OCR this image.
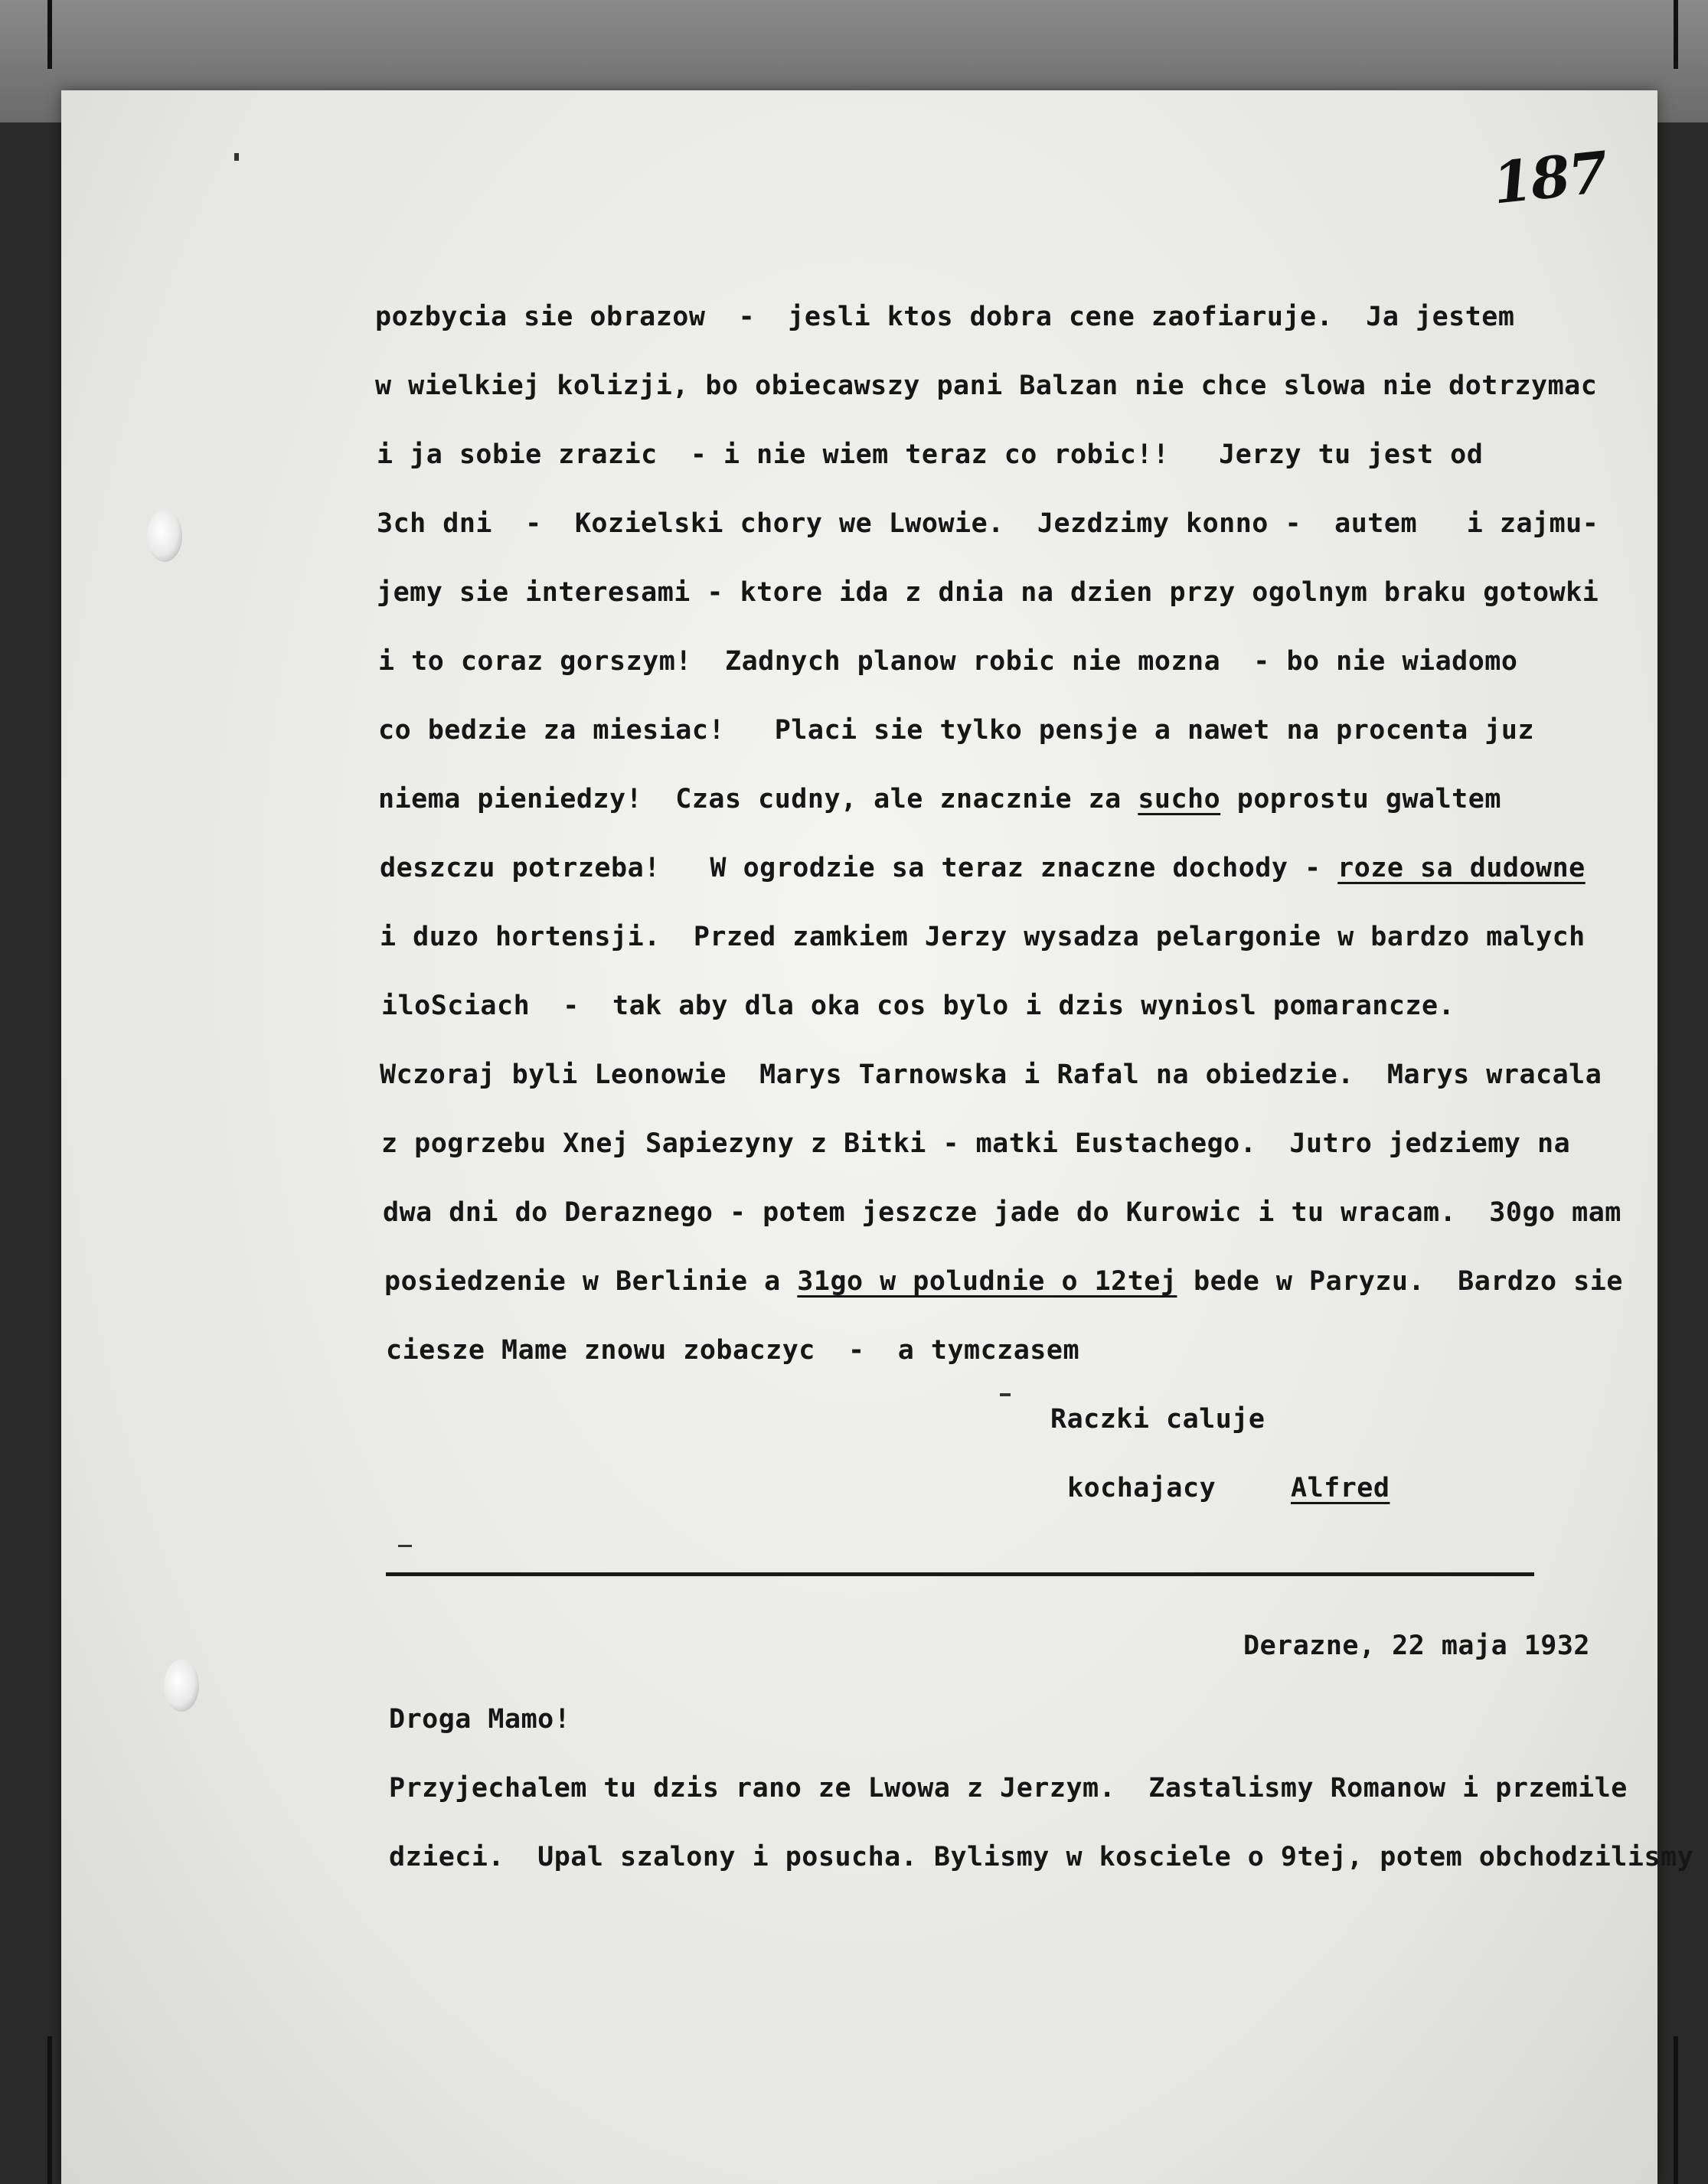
187
pozbycia sie obrazow  -  jesli ktos dobra cene zaofiaruje.  Ja jestem
w wielkiej kolizji, bo obiecawszy pani Balzan nie chce slowa nie dotrzymac
i ja sobie zrazic  - i nie wiem teraz co robic!!   Jerzy tu jest od
3ch dni  -  Kozielski chory we Lwowie.  Jezdzimy konno -  autem   i zajmu-
jemy sie interesami - ktore ida z dnia na dzien przy ogolnym braku gotowki
i to coraz gorszym!  Zadnych planow robic nie mozna  - bo nie wiadomo
co bedzie za miesiac!   Placi sie tylko pensje a nawet na procenta juz
niema pieniedzy!  Czas cudny, ale znacznie za sucho poprostu gwaltem
deszczu potrzeba!   W ogrodzie sa teraz znaczne dochody - roze sa dudowne
i duzo hortensji.  Przed zamkiem Jerzy wysadza pelargonie w bardzo malych
iloSciach  -  tak aby dla oka cos bylo i dzis wyniosl pomarancze.
Wczoraj byli Leonowie  Marys Tarnowska i Rafal na obiedzie.  Marys wracala
z pogrzebu Xnej Sapiezyny z Bitki - matki Eustachego.  Jutro jedziemy na
dwa dni do Deraznego - potem jeszcze jade do Kurowic i tu wracam.  30go mam
posiedzenie w Berlinie a 31go w poludnie o 12tej bede w Paryzu.  Bardzo sie
ciesze Mame znowu zobaczyc  -  a tymczasem
Raczki caluje
kochajacy	Alfred
Derazne, 22 maja 1932
Droga Mamo!
Przyjechalem tu dzis rano ze Lwowa z Jerzym.  Zastalismy Romanow i przemile
dzieci.  Upal szalony i posucha. Bylismy w kosciele o 9tej, potem obchodzilismy
